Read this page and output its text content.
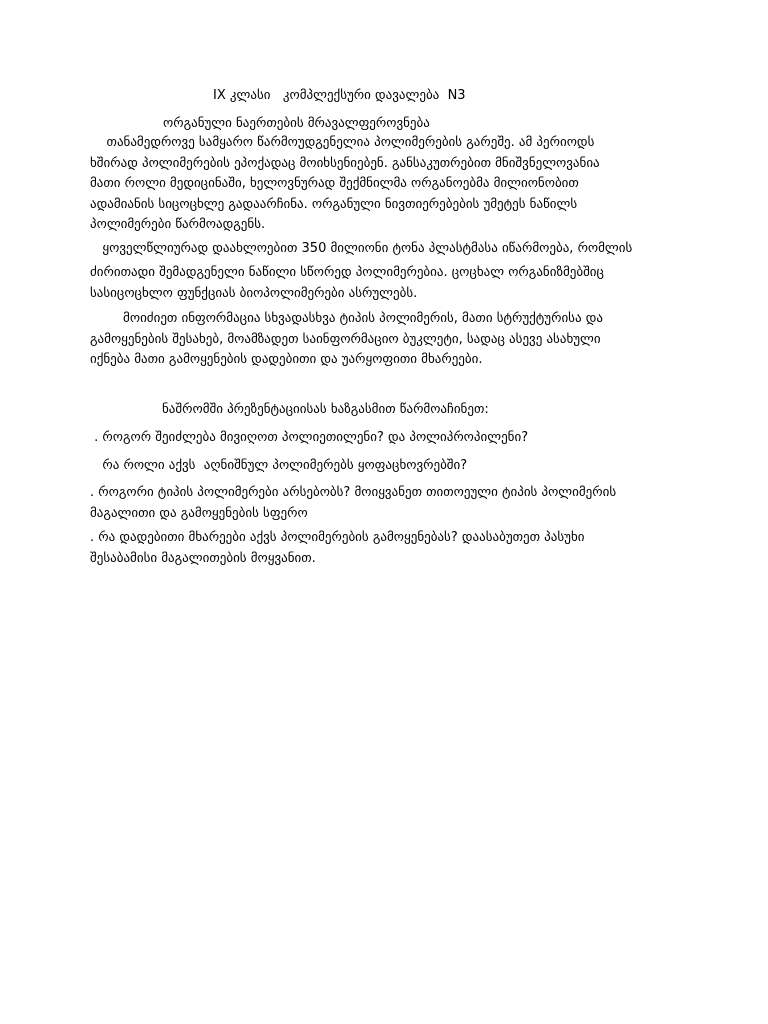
IX კლასი კომპლექსური დავალება N3
ორგანული ნაერთების მრავალფეროვნება
თანამედროვე სამყარო წარმოუდგენელია პოლიმერების გარეშე. ამ პერიოდს
ხშირად პოლიმერების ეპოქადაც მოიხსენიებენ. განსაკუთრებით მნიშვნელოვანია
მათი როლი მედიცინაში, ხელოვნურად შექმნილმა ორგანოებმა მილიონობით
ადამიანის სიცოცხლე გადაარჩინა. ორგანული ნივთიერებების უმეტეს ნაწილს
პოლიმერები წარმოადგენს.
ყოველწლიურად დაახლოებით 350 მილიონი ტონა პლასტმასა იწარმოება, რომლის
ძირითადი შემადგენელი ნაწილი სწორედ პოლიმერებია. ცოცხალ ორგანიზმებშიც
სასიცოცხლო ფუნქციას ბიოპოლიმერები ასრულებს.
მოიძიეთ ინფორმაცია სხვადასხვა ტიპის პოლიმერის, მათი სტრუქტურისა და
გამოყენების შესახებ, მოამზადეთ საინფორმაციო ბუკლეტი, სადაც ასევე ასახული
იქნება მათი გამოყენების დადებითი და უარყოფითი მხარეები.
ნაშრომში პრეზენტაციისას ხაზგასმით წარმოაჩინეთ:
. როგორ შეიძლება მივიღოთ პოლიეთილენი? და პოლიპროპილენი?
რა როლი აქვს  აღნიშნულ პოლიმერებს ყოფაცხოვრებში?
. როგორი ტიპის პოლიმერები არსებობს? მოიყვანეთ თითოეული ტიპის პოლიმერის
მაგალითი და გამოყენების სფერო
. რა დადებითი მხარეები აქვს პოლიმერების გამოყენებას? დაასაბუთეთ პასუხი
შესაბამისი მაგალითების მოყვანით.
